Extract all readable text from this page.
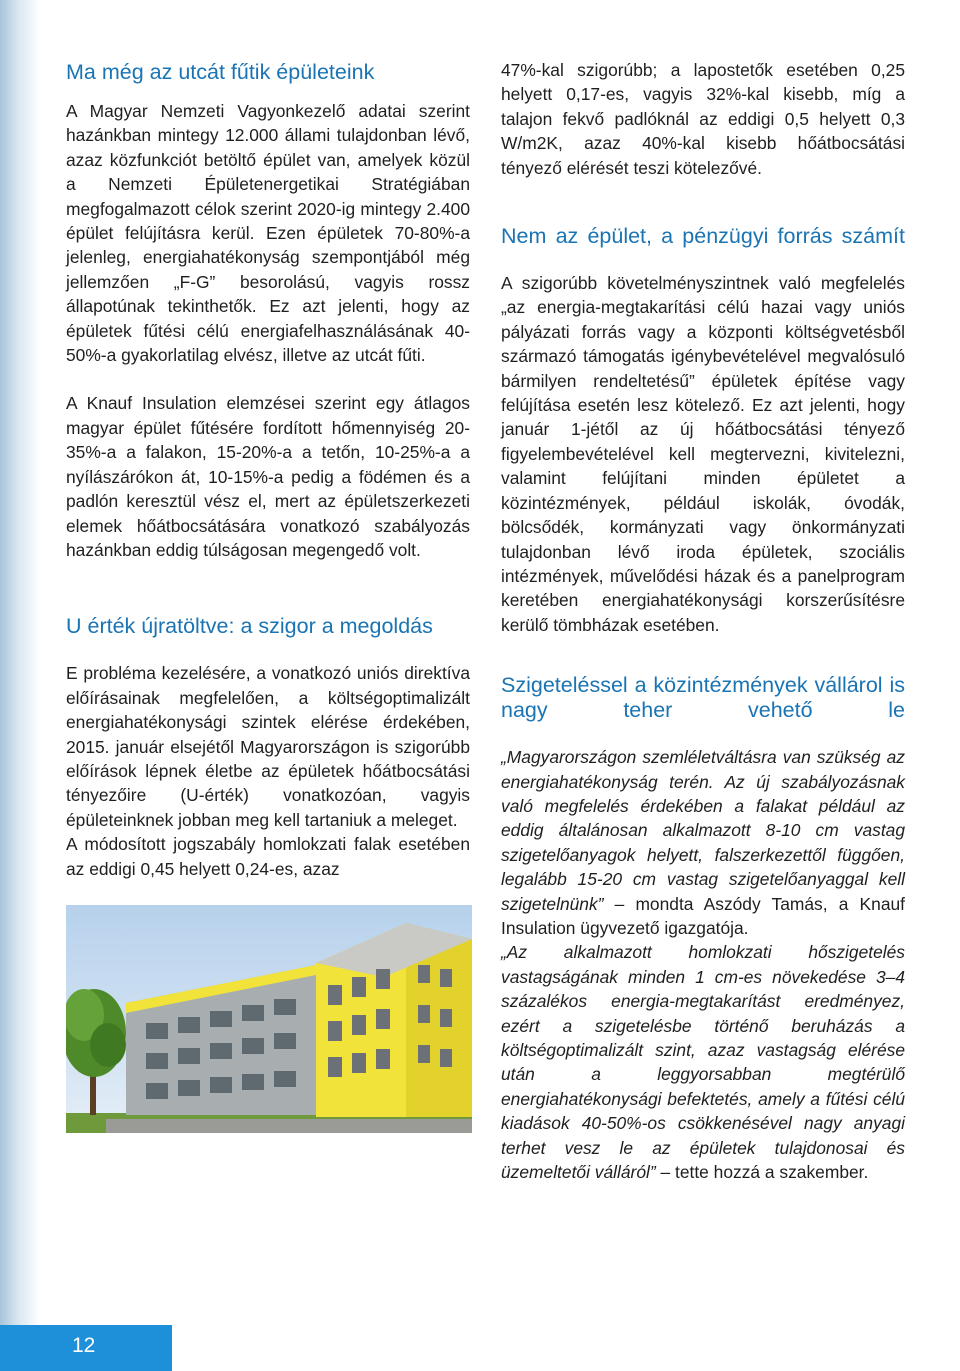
Ma még az utcát fűtik épületeink

A Magyar Nemzeti Vagyonkezelő adatai szerint hazánkban mintegy 12.000 állami tulajdonban lévő, azaz közfunkciót betöltő épület van, amelyek közül a Nemzeti Épületenergetikai Stratégiában megfogalmazott célok szerint 2020-ig mintegy 2.400 épület felújításra kerül. Ezen épületek 70-80%-a jelenleg, energiahatékonyság szempontjából még jellemzően „F-G” besorolású, vagyis rossz állapotúnak tekinthetők. Ez azt jelenti, hogy az épületek fűtési célú energiafelhasználásának 40-50%-a gyakorlatilag elvész, illetve az utcát fűti.

A Knauf Insulation elemzései szerint egy átlagos magyar épület fűtésére fordított hőmennyiség 20-35%-a a falakon, 15-20%-a a tetőn, 10-25%-a a nyílászárókon át, 10-15%-a pedig a födémen és a padlón keresztül vész el, mert az épületszerkezeti elemek hőátbocsátására vonatkozó szabályozás hazánkban eddig túlságosan megengedő volt.

U érték újratöltve: a szigor a megoldás

E probléma kezelésére, a vonatkozó uniós direktíva előírásainak megfelelően, a költségoptimalizált energiahatékonysági szintek elérése érdekében, 2015. január elsejétől Magyarországon is szigorúbb előírások lépnek életbe az épületek hőátbocsátási tényezőire (U-érték) vonatkozóan, vagyis épületeinknek jobban meg kell tartaniuk a meleget.

A módosított jogszabály homlokzati falak esetében az eddigi 0,45 helyett 0,24-es, azaz

47%-kal szigorúbb; a lapostetők esetében 0,25 helyett 0,17-es, vagyis 32%-kal kisebb, míg a talajon fekvő padlóknál az eddigi 0,5 helyett 0,3 W/m2K, azaz 40%-kal kisebb hőátbocsátási tényező elérését teszi kötelezővé.

Nem az épület, a pénzügyi forrás számít

A szigorúbb követelményszintnek való megfelelés „az energia-megtakarítási célú hazai vagy uniós pályázati forrás vagy a központi költségvetésből származó támogatás igénybevételével megvalósuló bármilyen rendeltetésű” épületek építése vagy felújítása esetén lesz kötelező. Ez azt jelenti, hogy január 1-jétől az új hőátbocsátási tényező figyelembevételével kell megtervezni, kivitelezni, valamint felújítani minden épületet a közintézmények, például iskolák, óvodák, bölcsődék, kormányzati vagy önkormányzati tulajdonban lévő iroda épületek, szociális intézmények, művelődési házak és a panelprogram keretében energiahatékonysági korszerűsítésre kerülő tömbházak esetében.

Szigeteléssel a közintézmények vállárol is nagy teher vehető le

„Magyarországon szemléletváltásra van szükség az energiahatékonyság terén. Az új szabályozásnak való megfelelés érdekében a falakat például az eddig általánosan alkalmazott 8-10 cm vastag szigetelőanyagok helyett, falszerkezettől függően, legalább 15-20 cm vastag szigetelőanyaggal kell szigetelnünk” – mondta Aszódy Tamás, a Knauf Insulation ügyvezető igazgatója.

„Az alkalmazott homlokzati hőszigetelés vastagságának minden 1 cm-es növekedése 3–4 százalékos energia-megtakarítást eredményez, ezért a szigetelésbe történő beruházás a költségoptimalizált szint, azaz vastagság elérése után a leggyorsabban megtérülő energiahatékonysági befektetés, amely a fűtési célú kiadások 40-50%-os csökkenésével nagy anyagi terhet vesz le az épületek tulajdonosai és üzemeltetői válláról” – tette hozzá a szakember.

12
